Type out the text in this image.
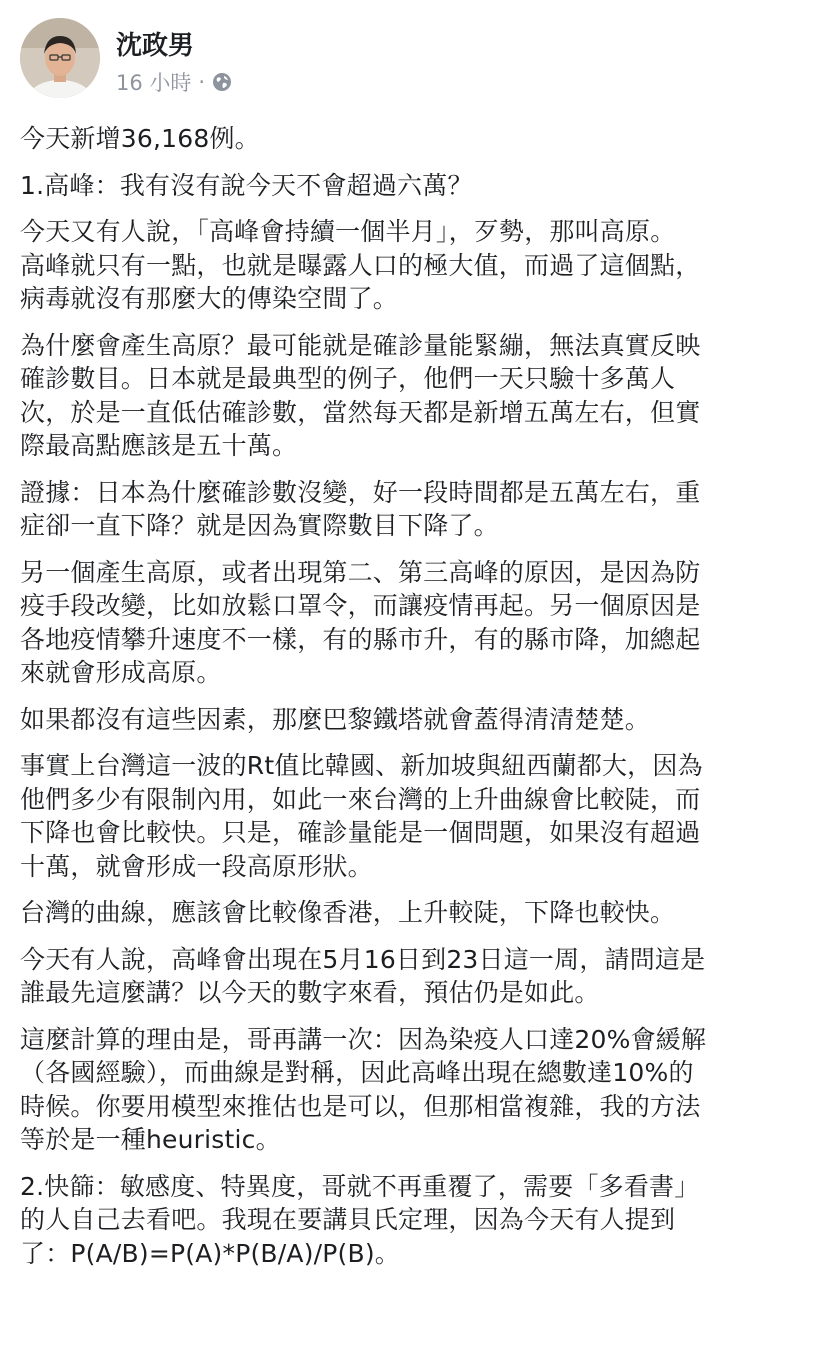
沈政男
16 小時 ·

今天新增36,168例。

1.高峰：我有沒有說今天不會超過六萬？

今天又有人說，「高峰會持續一個半月」，歹勢，那叫高原。
高峰就只有一點，也就是曝露人口的極大值，而過了這個點，
病毒就沒有那麼大的傳染空間了。

為什麼會產生高原？最可能就是確診量能緊繃，無法真實反映
確診數目。日本就是最典型的例子，他們一天只驗十多萬人
次，於是一直低估確診數，當然每天都是新增五萬左右，但實
際最高點應該是五十萬。

證據：日本為什麼確診數沒變，好一段時間都是五萬左右，重
症卻一直下降？就是因為實際數目下降了。

另一個產生高原，或者出現第二、第三高峰的原因，是因為防
疫手段改變，比如放鬆口罩令，而讓疫情再起。另一個原因是
各地疫情攀升速度不一樣，有的縣市升，有的縣市降，加總起
來就會形成高原。

如果都沒有這些因素，那麼巴黎鐵塔就會蓋得清清楚楚。

事實上台灣這一波的Rt值比韓國、新加坡與紐西蘭都大，因為
他們多少有限制內用，如此一來台灣的上升曲線會比較陡，而
下降也會比較快。只是，確診量能是一個問題，如果沒有超過
十萬，就會形成一段高原形狀。

台灣的曲線，應該會比較像香港，上升較陡，下降也較快。

今天有人說，高峰會出現在5月16日到23日這一周，請問這是
誰最先這麼講？以今天的數字來看，預估仍是如此。

這麼計算的理由是，哥再講一次：因為染疫人口達20%會緩解
（各國經驗），而曲線是對稱，因此高峰出現在總數達10%的
時候。你要用模型來推估也是可以，但那相當複雜，我的方法
等於是一種heuristic。

2.快篩：敏感度、特異度，哥就不再重覆了，需要「多看書」
的人自己去看吧。我現在要講貝氏定理，因為今天有人提到
了：P(A/B)=P(A)*P(B/A)/P(B)。
